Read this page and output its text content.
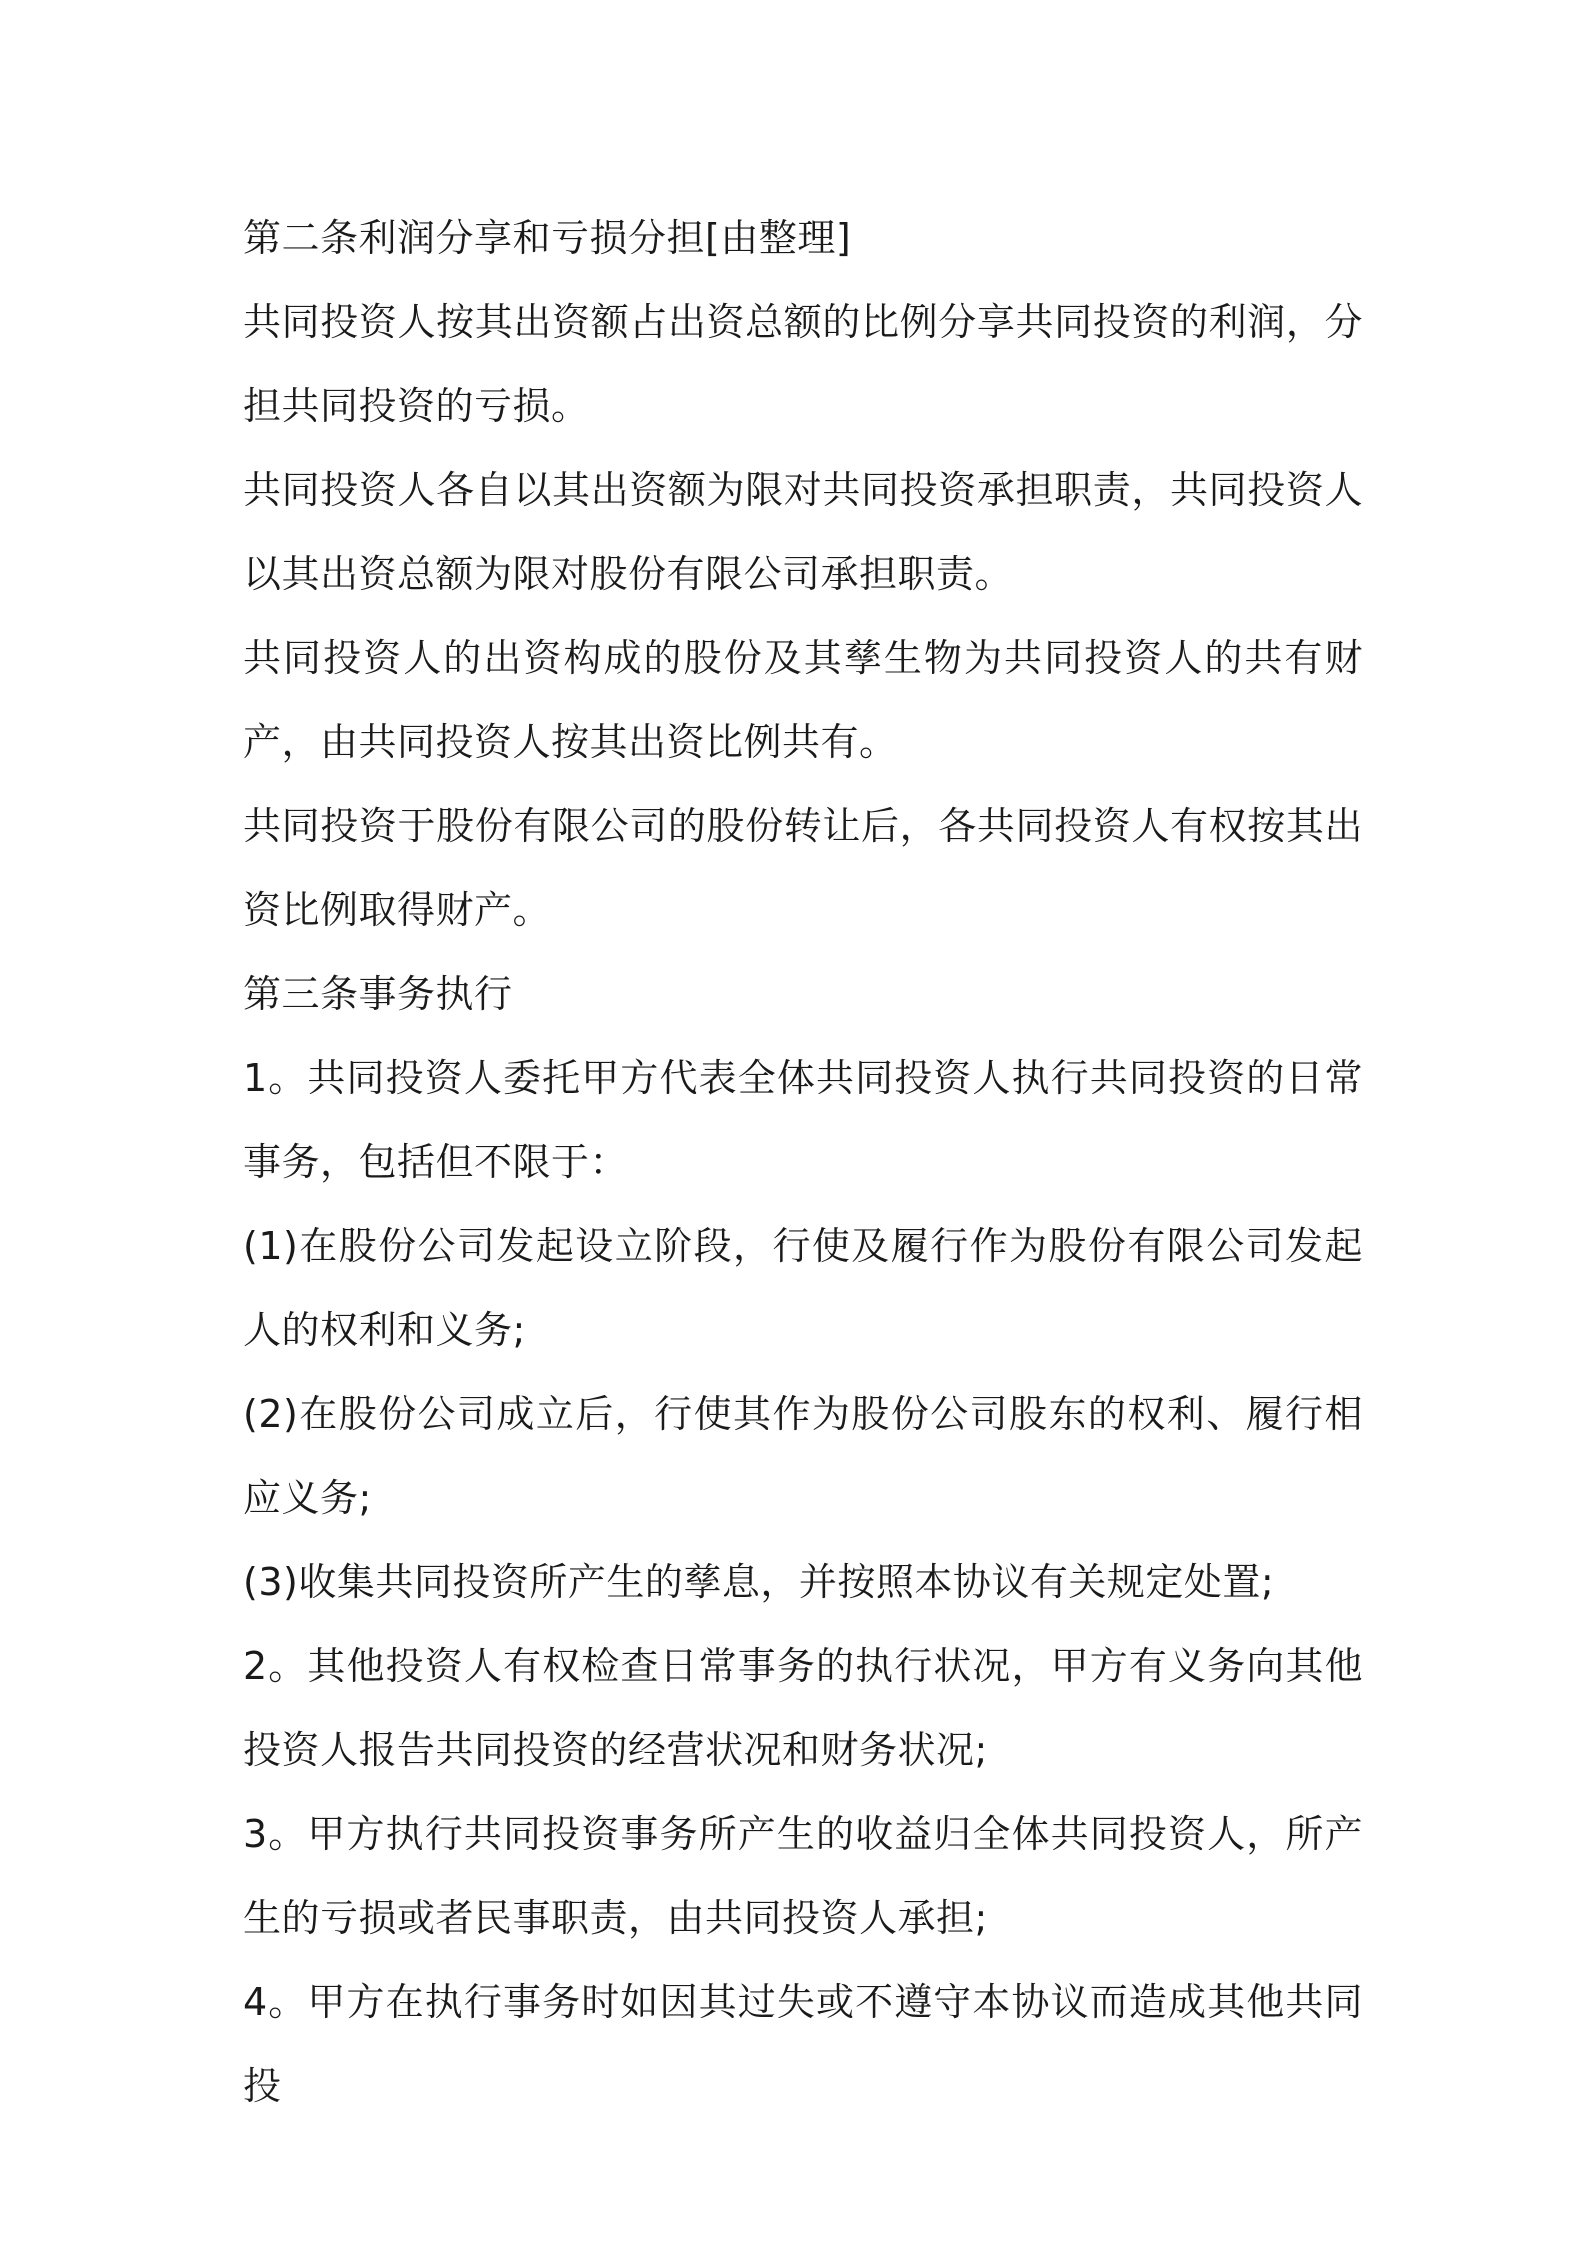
第二条利润分享和亏损分担[由整理]

共同投资人按其出资额占出资总额的比例分享共同投资的利润，分担共同投资的亏损。

共同投资人各自以其出资额为限对共同投资承担职责，共同投资人以其出资总额为限对股份有限公司承担职责。

共同投资人的出资构成的股份及其孳生物为共同投资人的共有财产，由共同投资人按其出资比例共有。

共同投资于股份有限公司的股份转让后，各共同投资人有权按其出资比例取得财产。

第三条事务执行

1。共同投资人委托甲方代表全体共同投资人执行共同投资的日常事务，包括但不限于：

(1)在股份公司发起设立阶段，行使及履行作为股份有限公司发起人的权利和义务;

(2)在股份公司成立后，行使其作为股份公司股东的权利、履行相应义务;

(3)收集共同投资所产生的孳息，并按照本协议有关规定处置;

2。其他投资人有权检查日常事务的执行状况，甲方有义务向其他投资人报告共同投资的经营状况和财务状况;

3。甲方执行共同投资事务所产生的收益归全体共同投资人，所产生的亏损或者民事职责，由共同投资人承担;

4。甲方在执行事务时如因其过失或不遵守本协议而造成其他共同投
